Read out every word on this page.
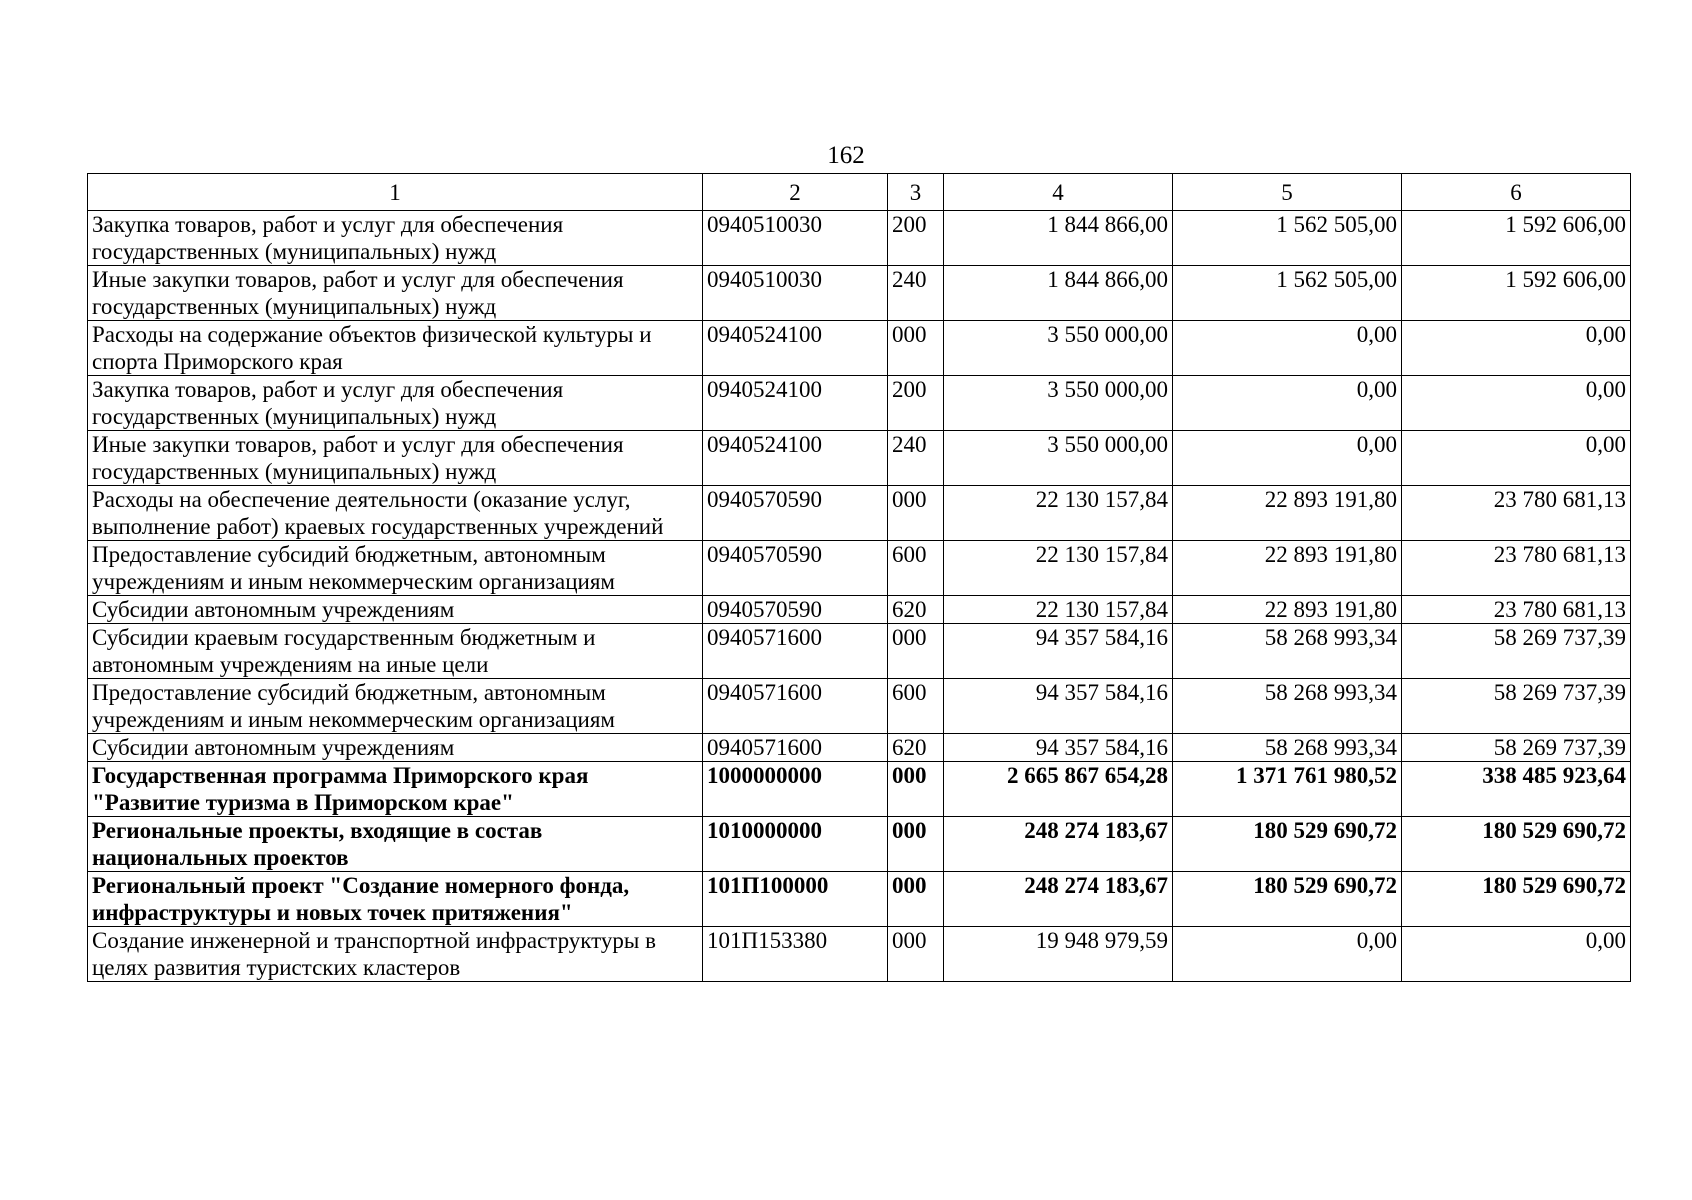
162
1	2	3	4	5	6
Закупка товаров, работ и услуг для обеспечения государственных (муниципальных) нужд	0940510030	200	1 844 866,00	1 562 505,00	1 592 606,00
Иные закупки товаров, работ и услуг для обеспечения государственных (муниципальных) нужд	0940510030	240	1 844 866,00	1 562 505,00	1 592 606,00
Расходы на содержание объектов физической культуры и спорта Приморского края	0940524100	000	3 550 000,00	0,00	0,00
Закупка товаров, работ и услуг для обеспечения государственных (муниципальных) нужд	0940524100	200	3 550 000,00	0,00	0,00
Иные закупки товаров, работ и услуг для обеспечения государственных (муниципальных) нужд	0940524100	240	3 550 000,00	0,00	0,00
Расходы на обеспечение деятельности (оказание услуг, выполнение работ) краевых государственных учреждений	0940570590	000	22 130 157,84	22 893 191,80	23 780 681,13
Предоставление субсидий бюджетным, автономным учреждениям и иным некоммерческим организациям	0940570590	600	22 130 157,84	22 893 191,80	23 780 681,13
Субсидии автономным учреждениям	0940570590	620	22 130 157,84	22 893 191,80	23 780 681,13
Субсидии краевым государственным бюджетным и автономным учреждениям на иные цели	0940571600	000	94 357 584,16	58 268 993,34	58 269 737,39
Предоставление субсидий бюджетным, автономным учреждениям и иным некоммерческим организациям	0940571600	600	94 357 584,16	58 268 993,34	58 269 737,39
Субсидии автономным учреждениям	0940571600	620	94 357 584,16	58 268 993,34	58 269 737,39
Государственная программа Приморского края "Развитие туризма в Приморском крае"	1000000000	000	2 665 867 654,28	1 371 761 980,52	338 485 923,64
Региональные проекты, входящие в состав национальных проектов	1010000000	000	248 274 183,67	180 529 690,72	180 529 690,72
Региональный проект "Создание номерного фонда, инфраструктуры и новых точек притяжения"	101П100000	000	248 274 183,67	180 529 690,72	180 529 690,72
Создание инженерной и транспортной инфраструктуры в целях развития туристских кластеров	101П153380	000	19 948 979,59	0,00	0,00
